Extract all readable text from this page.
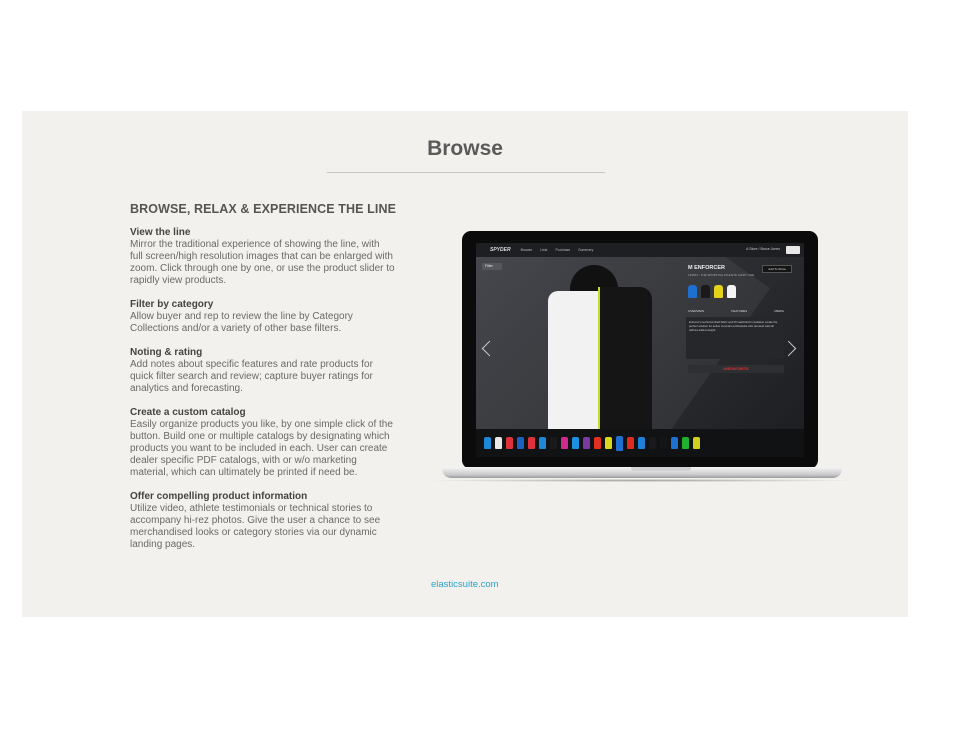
Browse
BROWSE, RELAX & EXPERIENCE THE LINE
View the line

Mirror the traditional experience of showing the line, with full screen/high resolution images that can be enlarged with zoom. Click through one by one, or use the product slider to rapidly view products.

Filter by category

Allow buyer and rep to review the line by Category Collections and/or a variety of other base filters.

Noting & rating

Add notes about specific features and rate products for quick filter search and review; capture buyer ratings for analytics and forecasting.

Create a custom catalog

Easily organize products you like, by one simple click of the button. Build one or multiple catalogs by designating which products you want to be included in each. User can create dealer specific PDF catalogs, with or w/o marketing material, which can ultimately be printed if need be.

Offer compelling product information

Utilize video, athlete testimonials or technical stories to accompany hi-rez photos. Give the user a chance to see merchandised looks or category stories via our dynamic landing pages.

elasticsuite.com
SPYDER	Browse Lists Purchase Summary	A Store / Bruce Jones
Filter	M ENFORCER
133544 - THE SPORTING ATHLETE SHIRT LINE
Add To Show
OVERVIEW	FEATURES	MEDIA
Enforcer's technical shell fabric and Primaloft ECO insulation create the perfect solution for active mountain enthusiasts who demand warmth without added weight.
UNFAVORITE
